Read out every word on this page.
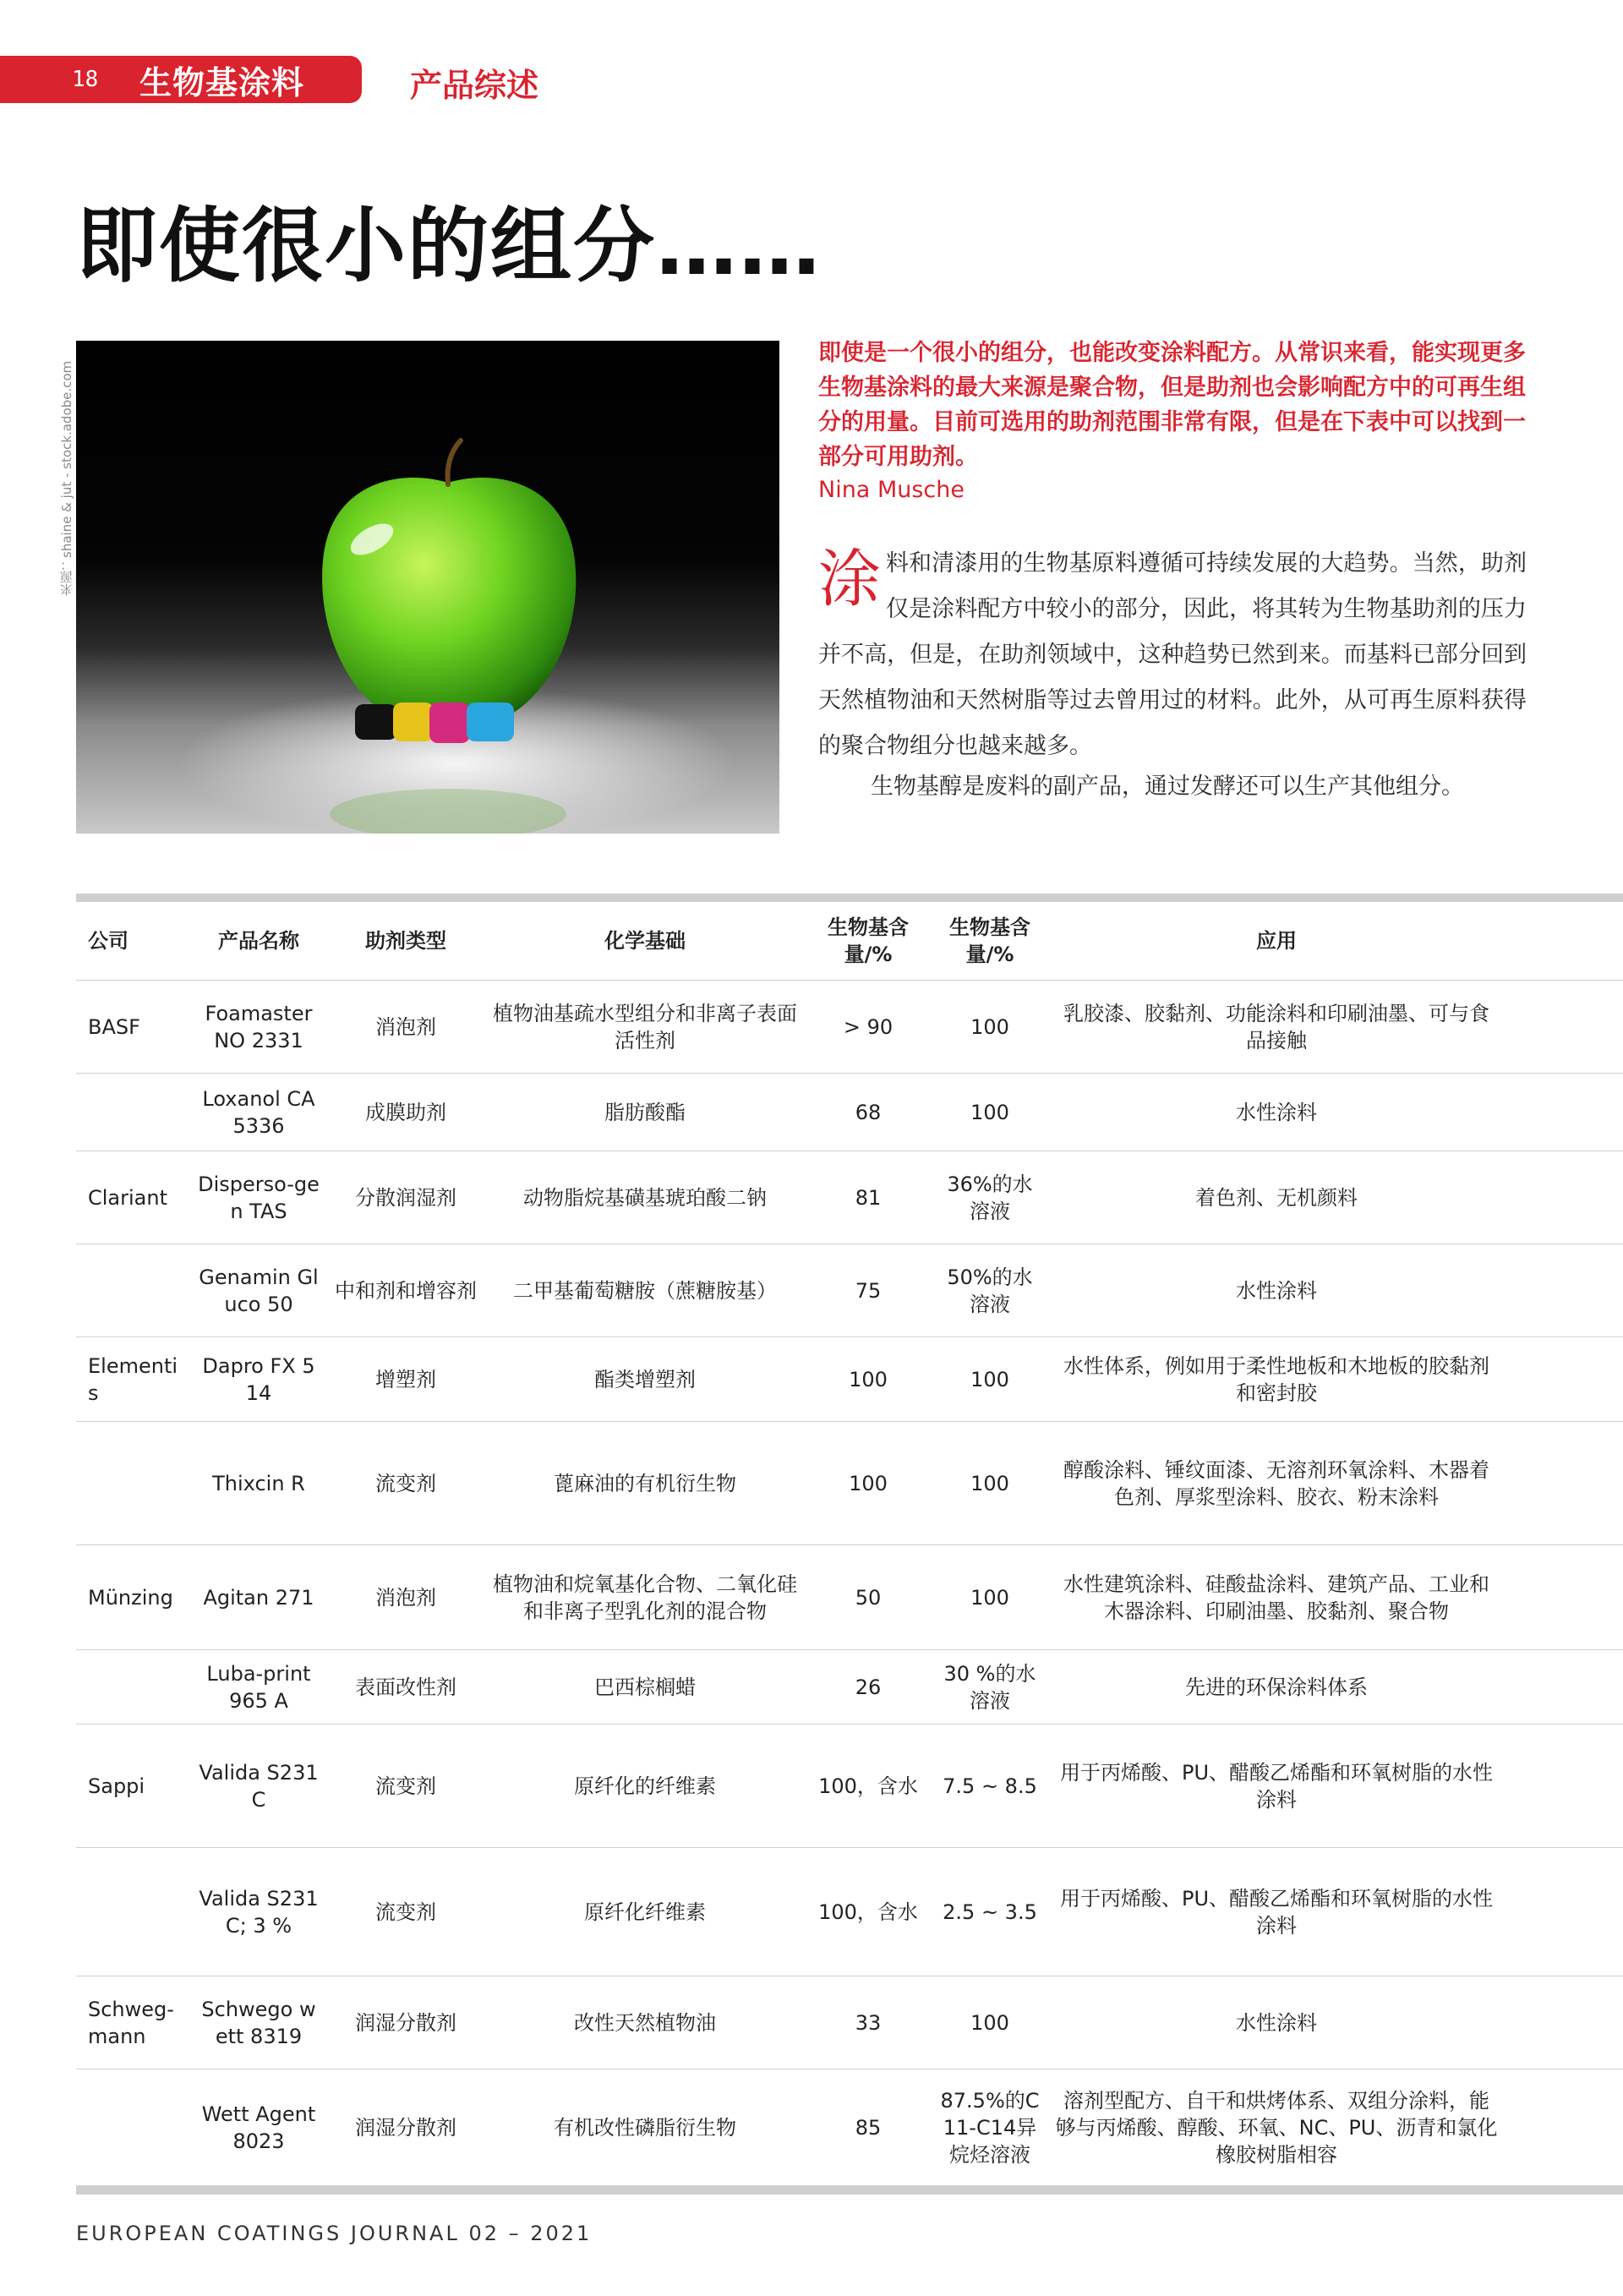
18	生物基涂料	产品综述
即使很小的组分……
来源：shaine & jut - stock.adobe.com

即使是一个很小的组分，也能改变涂料配方。从常识来看，能实现更多生物基涂料的最大来源是聚合物，但是助剂也会影响配方中的可再生组分的用量。目前可选用的助剂范围非常有限，但是在下表中可以找到一部分可用助剂。

Nina Musche

涂 料和清漆用的生物基原料遵循可持续发展的大趋势。当然，助剂仅是涂料配方中较小的部分，因此，将其转为生物基助剂的压力并不高，但是，在助剂领域中，这种趋势已然到来。而基料已部分回到天然植物油和天然树脂等过去曾用过的材料。此外，从可再生原料获得的聚合物组分也越来越多。

生物基醇是废料的副产品，通过发酵还可以生产其他组分。

公司	产品名称	助剂类型	化学基础	生物基含量/%	生物基含量/%	应用	
BASF	Foamaster NO 2331	消泡剂	植物油基疏水型组分和非离子表面活性剂	> 90	100	乳胶漆、胶黏剂、功能涂料和印刷油墨、可与食品接触	
	Loxanol CA 5336	成膜助剂	脂肪酸酯	68	100	水性涂料	
Clariant	Disperso-gen TAS	分散润湿剂	动物脂烷基磺基琥珀酸二钠	81	36%的水溶液	着色剂、无机颜料	
	Genamin Gluco 50	中和剂和增容剂	二甲基葡萄糖胺（蔗糖胺基）	75	50%的水溶液	水性涂料	
Elementis	Dapro FX 514	增塑剂	酯类增塑剂	100	100	水性体系，例如用于柔性地板和木地板的胶黏剂和密封胶	
	Thixcin R	流变剂	蓖麻油的有机衍生物	100	100	醇酸涂料、锤纹面漆、无溶剂环氧涂料、木器着色剂、厚浆型涂料、胶衣、粉末涂料	
Münzing	Agitan 271	消泡剂	植物油和烷氧基化合物、二氧化硅和非离子型乳化剂的混合物	50	100	水性建筑涂料、硅酸盐涂料、建筑产品、工业和木器涂料、印刷油墨、胶黏剂、聚合物	
	Luba-print 965 A	表面改性剂	巴西棕榈蜡	26	30 %的水溶液	先进的环保涂料体系	
Sappi	Valida S231C	流变剂	原纤化的纤维素	100，含水	7.5 ~ 8.5	用于丙烯酸、PU、醋酸乙烯酯和环氧树脂的水性涂料	
	Valida S231C; 3 %	流变剂	原纤化纤维素	100，含水	2.5 ~ 3.5	用于丙烯酸、PU、醋酸乙烯酯和环氧树脂的水性涂料	
Schweg-mann	Schwego wett 8319	润湿分散剂	改性天然植物油	33	100	水性涂料	
	Wett Agent 8023	润湿分散剂	有机改性磷脂衍生物	85	87.5%的C11-C14异烷烃溶液	溶剂型配方、自干和烘烤体系、双组分涂料，能够与丙烯酸、醇酸、环氧、NC、PU、沥青和氯化橡胶树脂相容	
EUROPEAN COATINGS JOURNAL 02 – 2021
